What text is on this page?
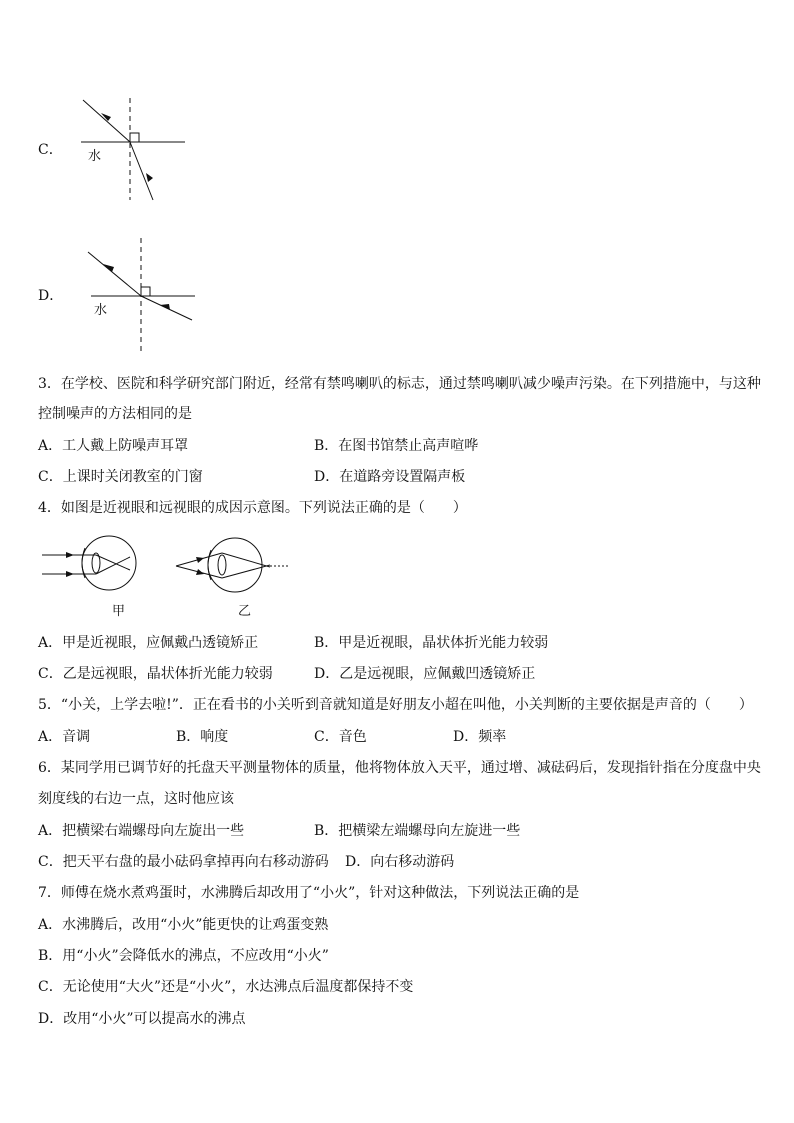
C． 水
D．
水
3．在学校、医院和科学研究部门附近，经常有禁鸣喇叭的标志，通过禁鸣喇叭减少噪声污染。在下列措施中，与这种
控制噪声的方法相同的是
A．工人戴上防噪声耳罩	B．在图书馆禁止高声喧哗
C．上课时关闭教室的门窗	D．在道路旁设置隔声板
4．如图是近视眼和远视眼的成因示意图。下列说法正确的是（　　）
甲	乙
A．甲是近视眼，应佩戴凸透镜矫正	B．甲是近视眼，晶状体折光能力较弱
C．乙是远视眼，晶状体折光能力较弱	D．乙是远视眼，应佩戴凹透镜矫正
5．“小关，上学去啦!”．正在看书的小关听到音就知道是好朋友小超在叫他，小关判断的主要依据是声音的（　　）
A．音调	B．响度	C．音色	D．频率
6．某同学用已调节好的托盘天平测量物体的质量，他将物体放入天平，通过增、减砝码后，发现指针指在分度盘中央
刻度线的右边一点，这时他应该
A．把横梁右端螺母向左旋出一些	B．把横梁左端螺母向左旋进一些
C．把天平右盘的最小砝码拿掉再向右移动游码 D．向右移动游码
7．师傅在烧水煮鸡蛋时，水沸腾后却改用了“小火”，针对这种做法，下列说法正确的是
A．水沸腾后，改用“小火”能更快的让鸡蛋变熟
B．用“小火”会降低水的沸点，不应改用“小火”
C．无论使用“大火”还是“小火”，水达沸点后温度都保持不变
D．改用“小火”可以提高水的沸点
